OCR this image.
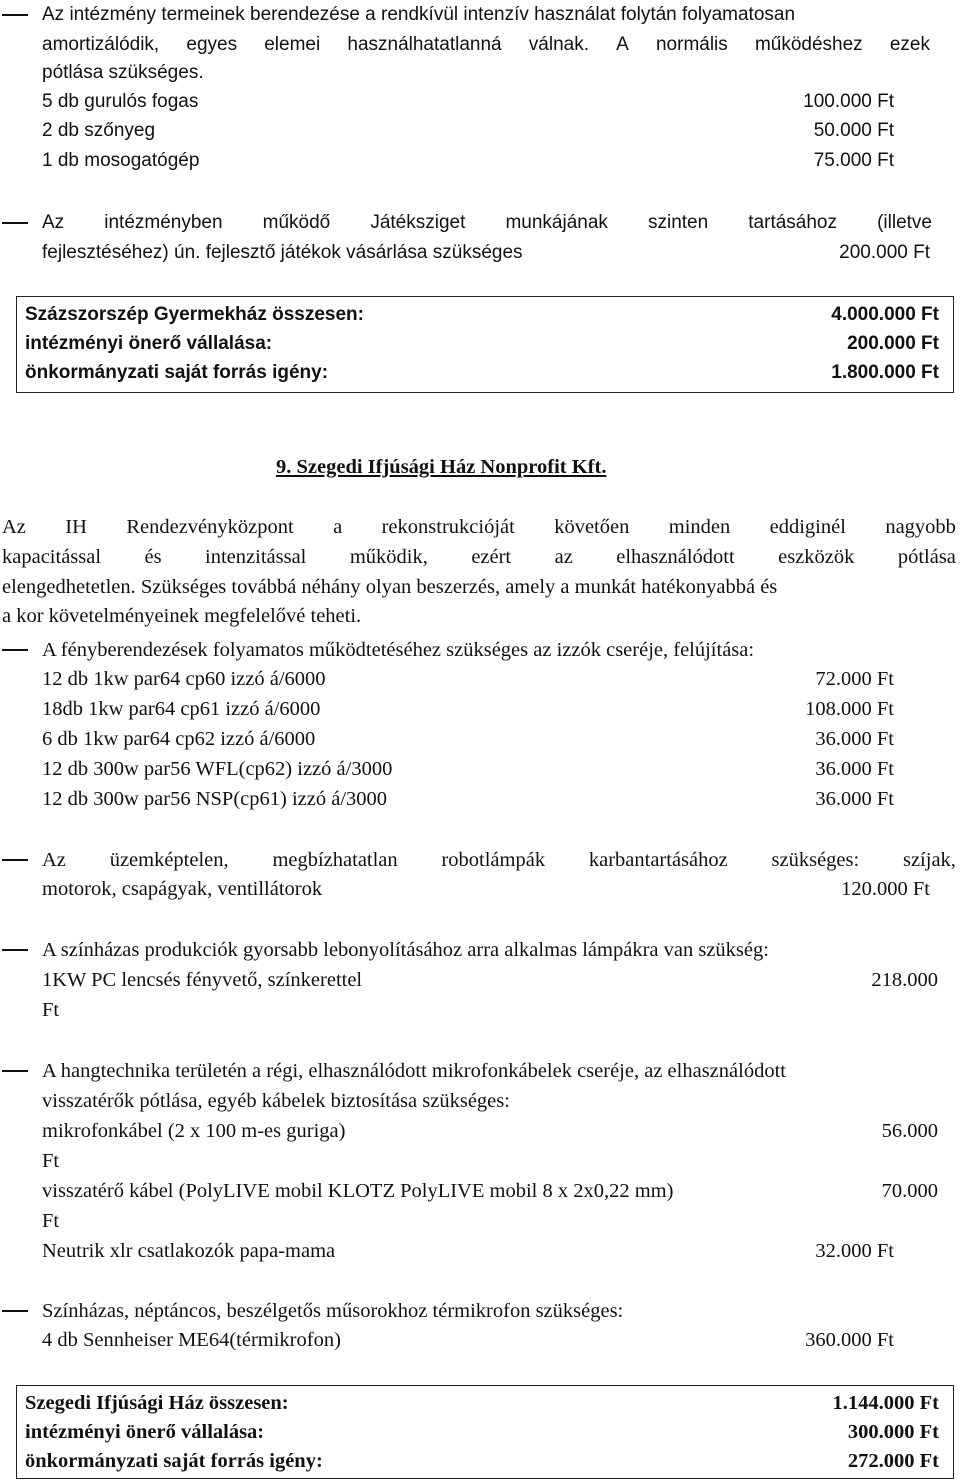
Az intézmény termeinek berendezése a rendkívül intenzív használat folytán folyamatosan
amortizálódik, egyes elemei használhatatlanná válnak. A normális működéshez ezek
pótlása szükséges.
5 db gurulós fogas	100.000 Ft
2 db szőnyeg	50.000 Ft
1 db mosogatógép	75.000 Ft
Az intézményben működő Játéksziget munkájának szinten tartásához (illetve
fejlesztéséhez) ún. fejlesztő játékok vásárlása szükséges	200.000 Ft
Százszorszép Gyermekház összesen:	4.000.000 Ft
intézményi önerő vállalása:	200.000 Ft
önkormányzati saját forrás igény:	1.800.000 Ft
9. Szegedi Ifjúsági Ház Nonprofit Kft.
Az IH Rendezvényközpont a rekonstrukcióját követően minden eddiginél nagyobb
kapacitással és intenzitással működik, ezért az elhasználódott eszközök pótlása
elengedhetetlen. Szükséges továbbá néhány olyan beszerzés, amely a munkát hatékonyabbá és
a kor követelményeinek megfelelővé teheti.
A fényberendezések folyamatos működtetéséhez szükséges az izzók cseréje, felújítása:
12 db 1kw par64 cp60 izzó á/6000	72.000 Ft
18db 1kw par64 cp61 izzó á/6000	108.000 Ft
6 db 1kw par64 cp62 izzó á/6000	36.000 Ft
12 db 300w par56 WFL(cp62) izzó á/3000	36.000 Ft
12 db 300w par56 NSP(cp61) izzó á/3000	36.000 Ft
Az üzemképtelen, megbízhatatlan robotlámpák karbantartásához szükséges: szíjak,
motorok, csapágyak, ventillátorok	120.000 Ft
A színházas produkciók gyorsabb lebonyolításához arra alkalmas lámpákra van szükség:
1KW PC lencsés fényvető, színkerettel	218.000
Ft
A hangtechnika területén a régi, elhasználódott mikrofonkábelek cseréje, az elhasználódott
visszatérők pótlása, egyéb kábelek biztosítása szükséges:
mikrofonkábel (2 x 100 m-es guriga)	56.000
Ft
visszatérő kábel (PolyLIVE mobil KLOTZ PolyLIVE mobil 8 x 2x0,22 mm)	70.000
Ft
Neutrik xlr csatlakozók papa-mama	32.000 Ft
Színházas, néptáncos, beszélgetős műsorokhoz térmikrofon szükséges:
4 db Sennheiser ME64(térmikrofon)	360.000 Ft
Szegedi Ifjúsági Ház összesen:	1.144.000 Ft
intézményi önerő vállalása:	300.000 Ft
önkormányzati saját forrás igény:	272.000 Ft
